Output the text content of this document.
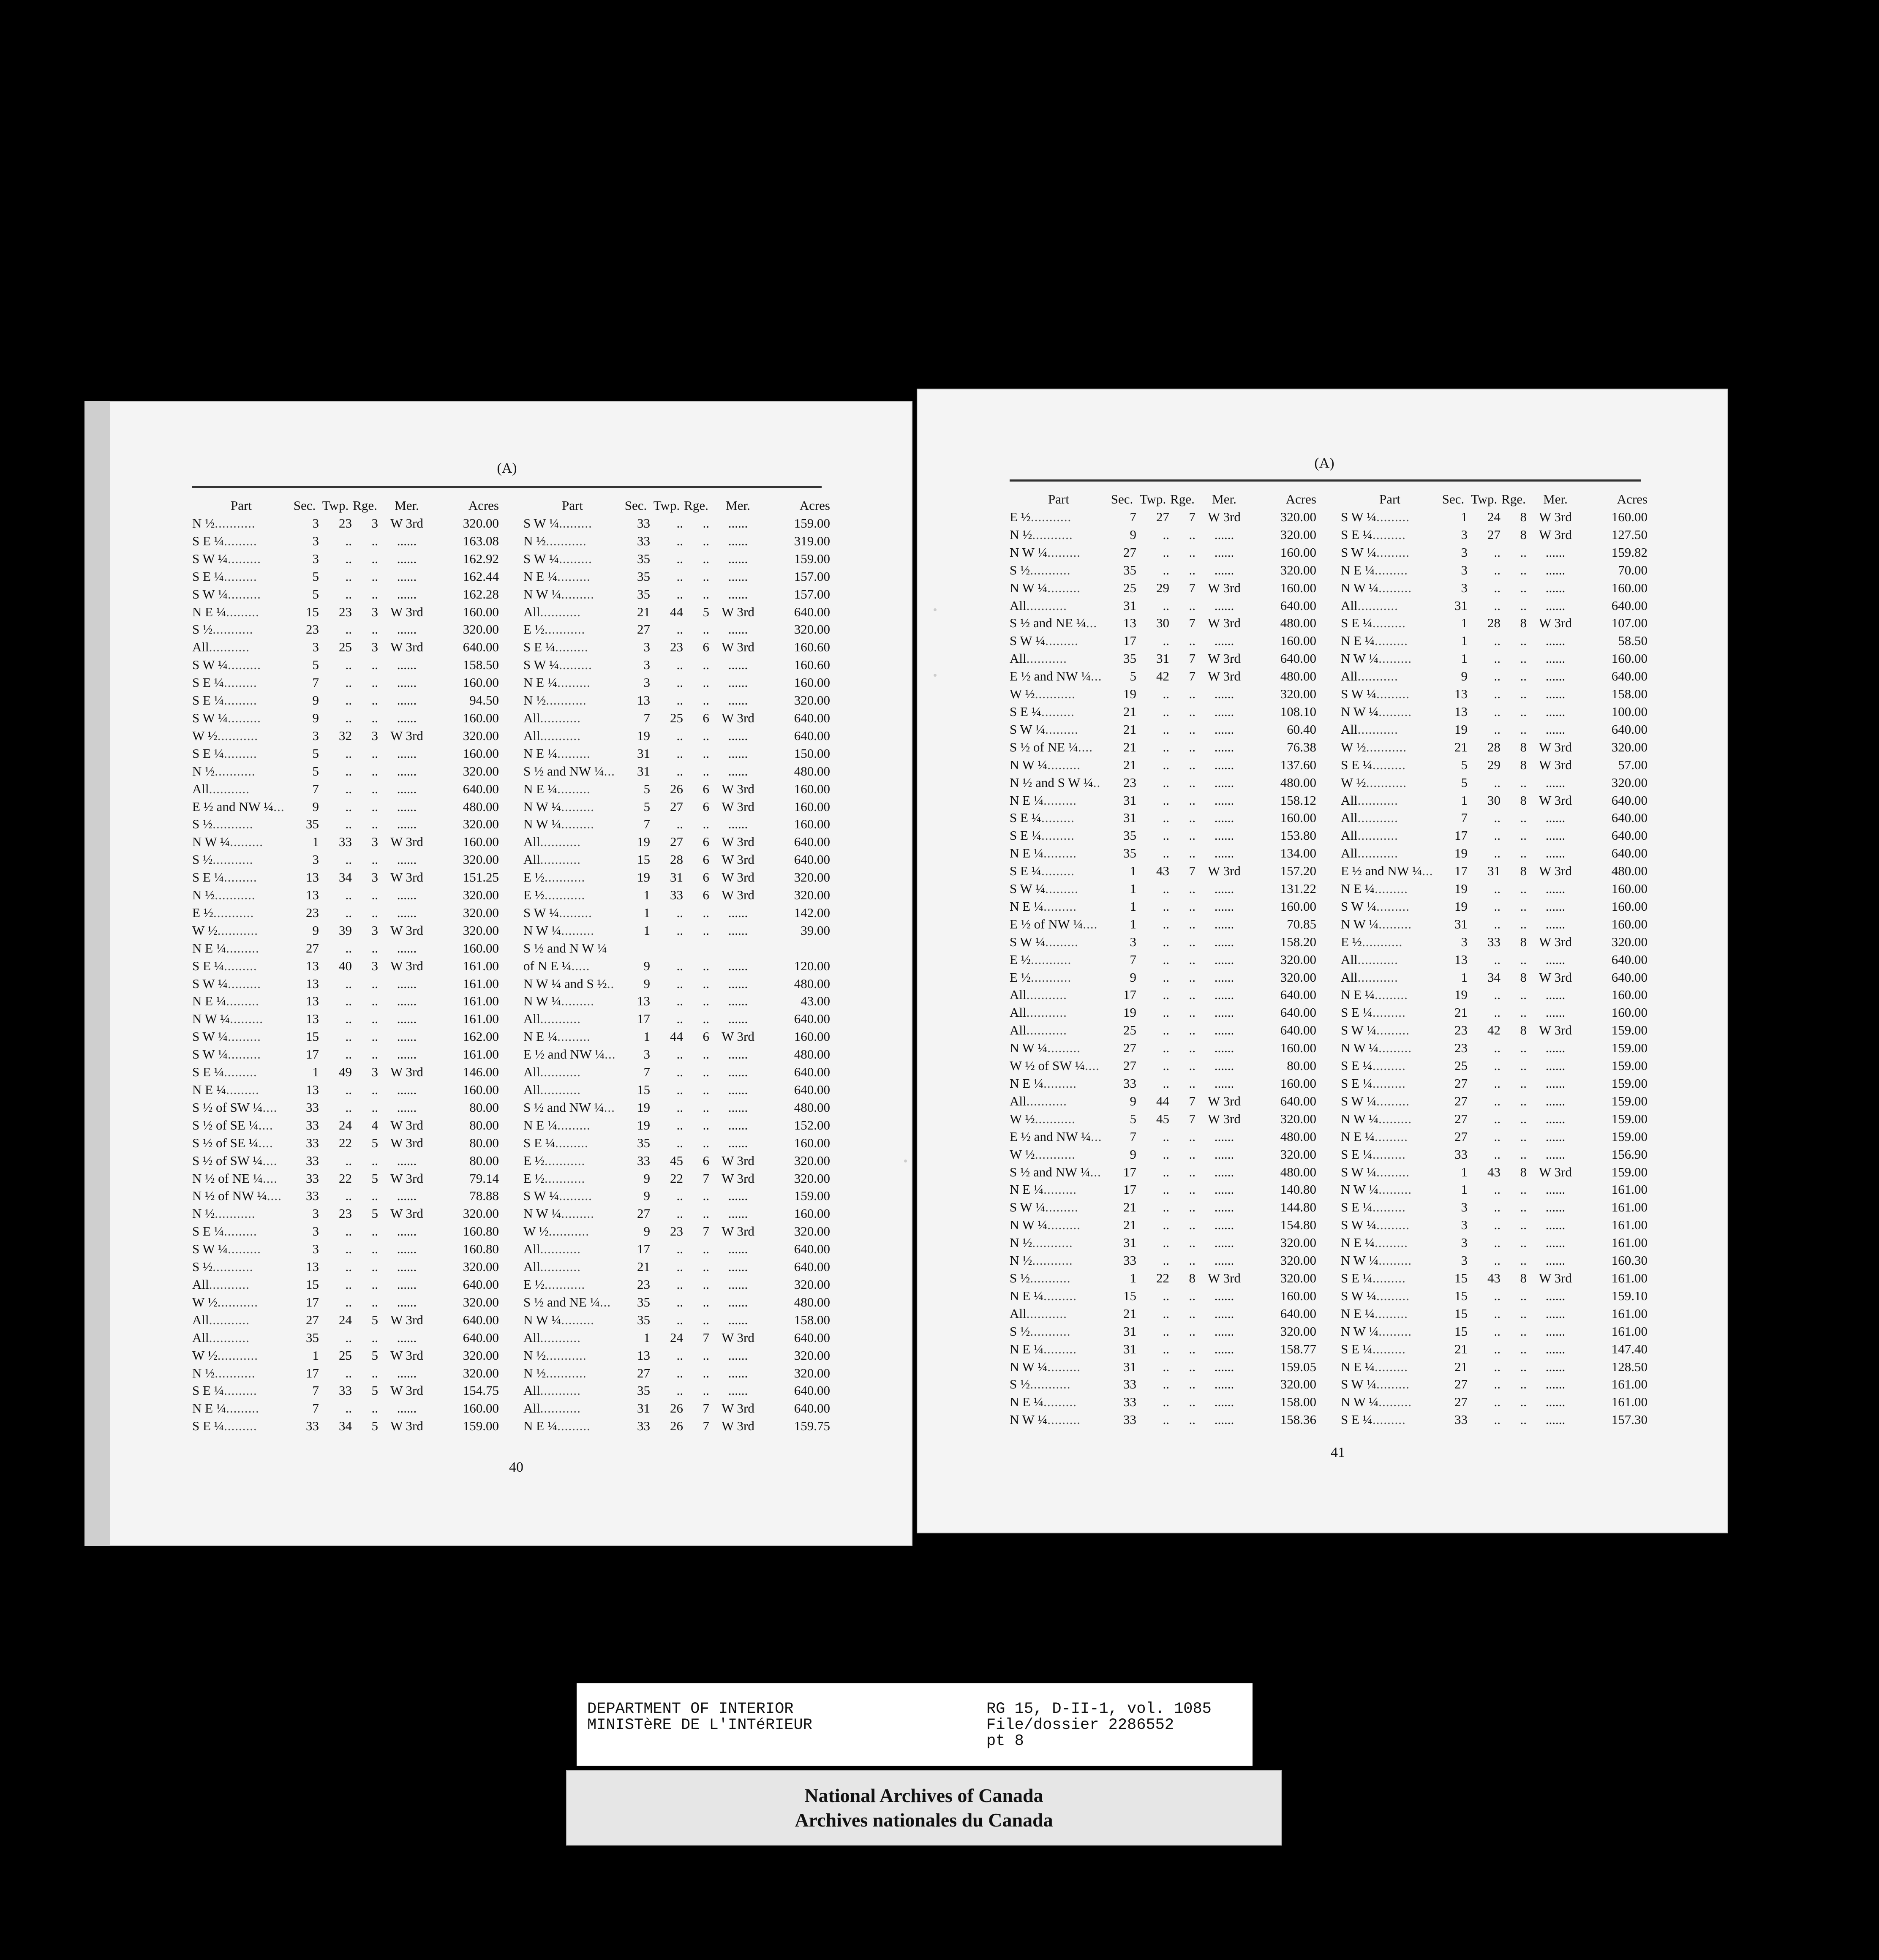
(A)	(A)
Part	Sec.	Twp.	Rge.	Mer.	Acres
N ½...........	3	23	3	W 3rd	320.00
S E ¼.........	3	..	..	......	163.08
S W ¼.........	3	..	..	......	162.92
S E ¼.........	5	..	..	......	162.44
S W ¼.........	5	..	..	......	162.28
N E ¼.........	15	23	3	W 3rd	160.00
S ½...........	23	..	..	......	320.00
All...........	3	25	3	W 3rd	640.00
S W ¼.........	5	..	..	......	158.50
S E ¼.........	7	..	..	......	160.00
S E ¼.........	9	..	..	......	94.50
S W ¼.........	9	..	..	......	160.00
W ½...........	3	32	3	W 3rd	320.00
S E ¼.........	5	..	..	......	160.00
N ½...........	5	..	..	......	320.00
All...........	7	..	..	......	640.00
E ½ and NW ¼...	9	..	..	......	480.00
S ½...........	35	..	..	......	320.00
N W ¼.........	1	33	3	W 3rd	160.00
S ½...........	3	..	..	......	320.00
S E ¼.........	13	34	3	W 3rd	151.25
N ½...........	13	..	..	......	320.00
E ½...........	23	..	..	......	320.00
W ½...........	9	39	3	W 3rd	320.00
N E ¼.........	27	..	..	......	160.00
S E ¼.........	13	40	3	W 3rd	161.00
S W ¼.........	13	..	..	......	161.00
N E ¼.........	13	..	..	......	161.00
N W ¼.........	13	..	..	......	161.00
S W ¼.........	15	..	..	......	162.00
S W ¼.........	17	..	..	......	161.00
S E ¼.........	1	49	3	W 3rd	146.00
N E ¼.........	13	..	..	......	160.00
S ½ of SW ¼....	33	..	..	......	80.00
S ½ of SE ¼....	33	24	4	W 3rd	80.00
S ½ of SE ¼....	33	22	5	W 3rd	80.00
S ½ of SW ¼....	33	..	..	......	80.00
N ½ of NE ¼....	33	22	5	W 3rd	79.14
N ½ of NW ¼....	33	..	..	......	78.88
N ½...........	3	23	5	W 3rd	320.00
S E ¼.........	3	..	..	......	160.80
S W ¼.........	3	..	..	......	160.80
S ½...........	13	..	..	......	320.00
All...........	15	..	..	......	640.00
W ½...........	17	..	..	......	320.00
All...........	27	24	5	W 3rd	640.00
All...........	35	..	..	......	640.00
W ½...........	1	25	5	W 3rd	320.00
N ½...........	17	..	..	......	320.00
S E ¼.........	7	33	5	W 3rd	154.75
N E ¼.........	7	..	..	......	160.00
S E ¼.........	33	34	5	W 3rd	159.00
Part	Sec.	Twp.	Rge.	Mer.	Acres
S W ¼.........	33	..	..	......	159.00
N ½...........	33	..	..	......	319.00
S W ¼.........	35	..	..	......	159.00
N E ¼.........	35	..	..	......	157.00
N W ¼.........	35	..	..	......	157.00
All...........	21	44	5	W 3rd	640.00
E ½...........	27	..	..	......	320.00
S E ¼.........	3	23	6	W 3rd	160.60
S W ¼.........	3	..	..	......	160.60
N E ¼.........	3	..	..	......	160.00
N ½...........	13	..	..	......	320.00
All...........	7	25	6	W 3rd	640.00
All...........	19	..	..	......	640.00
N E ¼.........	31	..	..	......	150.00
S ½ and NW ¼...	31	..	..	......	480.00
N E ¼.........	5	26	6	W 3rd	160.00
N W ¼.........	5	27	6	W 3rd	160.00
N W ¼.........	7	..	..	......	160.00
All...........	19	27	6	W 3rd	640.00
All...........	15	28	6	W 3rd	640.00
E ½...........	19	31	6	W 3rd	320.00
E ½...........	1	33	6	W 3rd	320.00
S W ¼.........	1	..	..	......	142.00
N W ¼.........	1	..	..	......	39.00
S ½ and N W ¼					
of N E ¼.....	9	..	..	......	120.00
N W ¼ and S ½..	9	..	..	......	480.00
N W ¼.........	13	..	..	......	43.00
All...........	17	..	..	......	640.00
N E ¼.........	1	44	6	W 3rd	160.00
E ½ and NW ¼...	3	..	..	......	480.00
All...........	7	..	..	......	640.00
All...........	15	..	..	......	640.00
S ½ and NW ¼...	19	..	..	......	480.00
N E ¼.........	19	..	..	......	152.00
S E ¼.........	35	..	..	......	160.00
E ½...........	33	45	6	W 3rd	320.00
E ½...........	9	22	7	W 3rd	320.00
S W ¼.........	9	..	..	......	159.00
N W ¼.........	27	..	..	......	160.00
W ½...........	9	23	7	W 3rd	320.00
All...........	17	..	..	......	640.00
All...........	21	..	..	......	640.00
E ½...........	23	..	..	......	320.00
S ½ and NE ¼...	35	..	..	......	480.00
N W ¼.........	35	..	..	......	158.00
All...........	1	24	7	W 3rd	640.00
N ½...........	13	..	..	......	320.00
N ½...........	27	..	..	......	320.00
All...........	35	..	..	......	640.00
All...........	31	26	7	W 3rd	640.00
N E ¼.........	33	26	7	W 3rd	159.75
Part	Sec.	Twp.	Rge.	Mer.	Acres
E ½...........	7	27	7	W 3rd	320.00
N ½...........	9	..	..	......	320.00
N W ¼.........	27	..	..	......	160.00
S ½...........	35	..	..	......	320.00
N W ¼.........	25	29	7	W 3rd	160.00
All...........	31	..	..	......	640.00
S ½ and NE ¼...	13	30	7	W 3rd	480.00
S W ¼.........	17	..	..	......	160.00
All...........	35	31	7	W 3rd	640.00
E ½ and NW ¼...	5	42	7	W 3rd	480.00
W ½...........	19	..	..	......	320.00
S E ¼.........	21	..	..	......	108.10
S W ¼.........	21	..	..	......	60.40
S ½ of NE ¼....	21	..	..	......	76.38
N W ¼.........	21	..	..	......	137.60
N ½ and S W ¼..	23	..	..	......	480.00
N E ¼.........	31	..	..	......	158.12
S E ¼.........	31	..	..	......	160.00
S E ¼.........	35	..	..	......	153.80
N E ¼.........	35	..	..	......	134.00
S E ¼.........	1	43	7	W 3rd	157.20
S W ¼.........	1	..	..	......	131.22
N E ¼.........	1	..	..	......	160.00
E ½ of NW ¼....	1	..	..	......	70.85
S W ¼.........	3	..	..	......	158.20
E ½...........	7	..	..	......	320.00
E ½...........	9	..	..	......	320.00
All...........	17	..	..	......	640.00
All...........	19	..	..	......	640.00
All...........	25	..	..	......	640.00
N W ¼.........	27	..	..	......	160.00
W ½ of SW ¼....	27	..	..	......	80.00
N E ¼.........	33	..	..	......	160.00
All...........	9	44	7	W 3rd	640.00
W ½...........	5	45	7	W 3rd	320.00
E ½ and NW ¼...	7	..	..	......	480.00
W ½...........	9	..	..	......	320.00
S ½ and NW ¼...	17	..	..	......	480.00
N E ¼.........	17	..	..	......	140.80
S W ¼.........	21	..	..	......	144.80
N W ¼.........	21	..	..	......	154.80
N ½...........	31	..	..	......	320.00
N ½...........	33	..	..	......	320.00
S ½...........	1	22	8	W 3rd	320.00
N E ¼.........	15	..	..	......	160.00
All...........	21	..	..	......	640.00
S ½...........	31	..	..	......	320.00
N E ¼.........	31	..	..	......	158.77
N W ¼.........	31	..	..	......	159.05
S ½...........	33	..	..	......	320.00
N E ¼.........	33	..	..	......	158.00
N W ¼.........	33	..	..	......	158.36
Part	Sec.	Twp.	Rge.	Mer.	Acres
S W ¼.........	1	24	8	W 3rd	160.00
S E ¼.........	3	27	8	W 3rd	127.50
S W ¼.........	3	..	..	......	159.82
N E ¼.........	3	..	..	......	70.00
N W ¼.........	3	..	..	......	160.00
All...........	31	..	..	......	640.00
S E ¼.........	1	28	8	W 3rd	107.00
N E ¼.........	1	..	..	......	58.50
N W ¼.........	1	..	..	......	160.00
All...........	9	..	..	......	640.00
S W ¼.........	13	..	..	......	158.00
N W ¼.........	13	..	..	......	100.00
All...........	19	..	..	......	640.00
W ½...........	21	28	8	W 3rd	320.00
S E ¼.........	5	29	8	W 3rd	57.00
W ½...........	5	..	..	......	320.00
All...........	1	30	8	W 3rd	640.00
All...........	7	..	..	......	640.00
All...........	17	..	..	......	640.00
All...........	19	..	..	......	640.00
E ½ and NW ¼...	17	31	8	W 3rd	480.00
N E ¼.........	19	..	..	......	160.00
S W ¼.........	19	..	..	......	160.00
N W ¼.........	31	..	..	......	160.00
E ½...........	3	33	8	W 3rd	320.00
All...........	13	..	..	......	640.00
All...........	1	34	8	W 3rd	640.00
N E ¼.........	19	..	..	......	160.00
S E ¼.........	21	..	..	......	160.00
S W ¼.........	23	42	8	W 3rd	159.00
N W ¼.........	23	..	..	......	159.00
S E ¼.........	25	..	..	......	159.00
S E ¼.........	27	..	..	......	159.00
S W ¼.........	27	..	..	......	159.00
N W ¼.........	27	..	..	......	159.00
N E ¼.........	27	..	..	......	159.00
S E ¼.........	33	..	..	......	156.90
S W ¼.........	1	43	8	W 3rd	159.00
N W ¼.........	1	..	..	......	161.00
S E ¼.........	3	..	..	......	161.00
S W ¼.........	3	..	..	......	161.00
N E ¼.........	3	..	..	......	161.00
N W ¼.........	3	..	..	......	160.30
S E ¼.........	15	43	8	W 3rd	161.00
S W ¼.........	15	..	..	......	159.10
N E ¼.........	15	..	..	......	161.00
N W ¼.........	15	..	..	......	161.00
S E ¼.........	21	..	..	......	147.40
N E ¼.........	21	..	..	......	128.50
S W ¼.........	27	..	..	......	161.00
N W ¼.........	27	..	..	......	161.00
S E ¼.........	33	..	..	......	157.30
40
41
DEPARTMENT OF INTERIOR
MINISTèRE DE L'INTéRIEUR
RG 15, D-II-1, vol. 1085
File/dossier 2286552
pt 8
National Archives of Canada
Archives nationales du Canada
